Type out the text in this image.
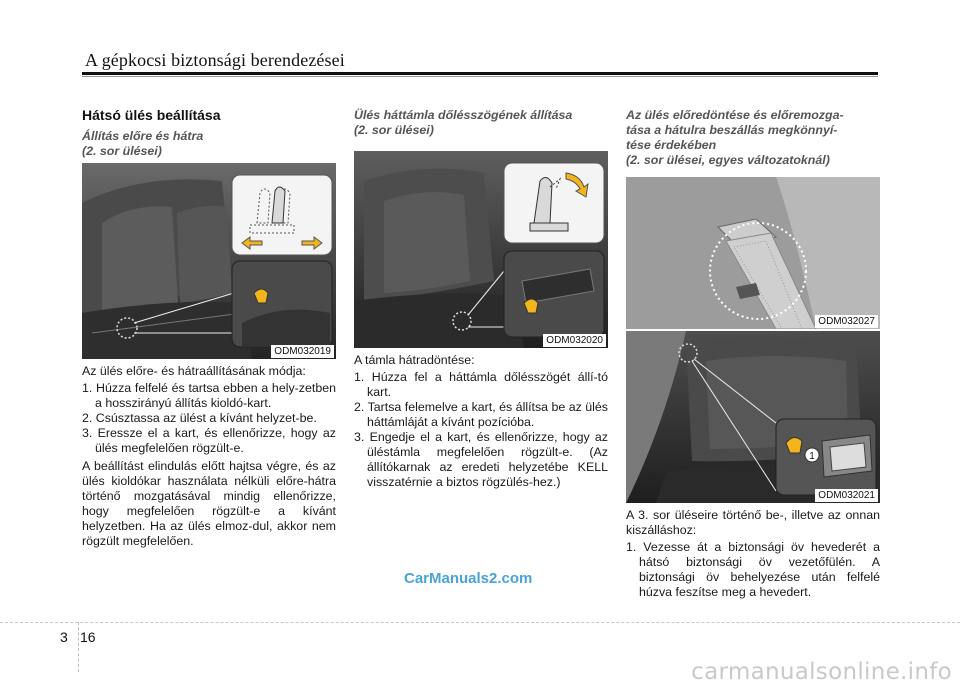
A gépkocsi biztonsági berendezései
Hátsó ülés beállítása
Állítás előre és hátra
(2. sor ülései)
ODM032019

Az ülés előre- és hátraállításának módja:

1. Húzza felfelé és tartsa ebben a hely-zetben a hosszirányú állítás kioldó-kart.
2. Csúsztassa az ülést a kívánt helyzet-be.
3. Eressze el a kart, és ellenőrizze, hogy az ülés megfelelően rögzült-e.

A beállítást elindulás előtt hajtsa végre, és az ülés kioldókar használata nélküli előre-hátra történő mozgatásával mindig ellenőrizze, hogy megfelelően rögzült-e a kívánt helyzetben. Ha az ülés elmoz-dul, akkor nem rögzült megfelelően.

Ülés háttámla dőlésszögének állítása
(2. sor ülései)
ODM032020

A támla hátradöntése:

1. Húzza fel a háttámla dőlésszögét állí-tó kart.
2. Tartsa felemelve a kart, és állítsa be az ülés háttámláját a kívánt pozícióba.
3. Engedje el a kart, és ellenőrizze, hogy az üléstámla megfelelően rögzült-e. (Az állítókarnak az eredeti helyzetébe KELL visszatérnie a biztos rögzülés-hez.)
Az ülés előredöntése és előremozga-
tása a hátulra beszállás megkönnyí-
tése érdekében
(2. sor ülései, egyes változatoknál)
ODM032027
1
ODM032021

A 3. sor üléseire történő be-, illetve az onnan kiszálláshoz:

1. Vezesse át a biztonsági öv hevederét a hátsó biztonsági öv vezetőfülén. A biztonsági öv behelyezése után felfelé húzva feszítse meg a hevedert.
CarManuals2.com
3 16
carmanualsonline.info
